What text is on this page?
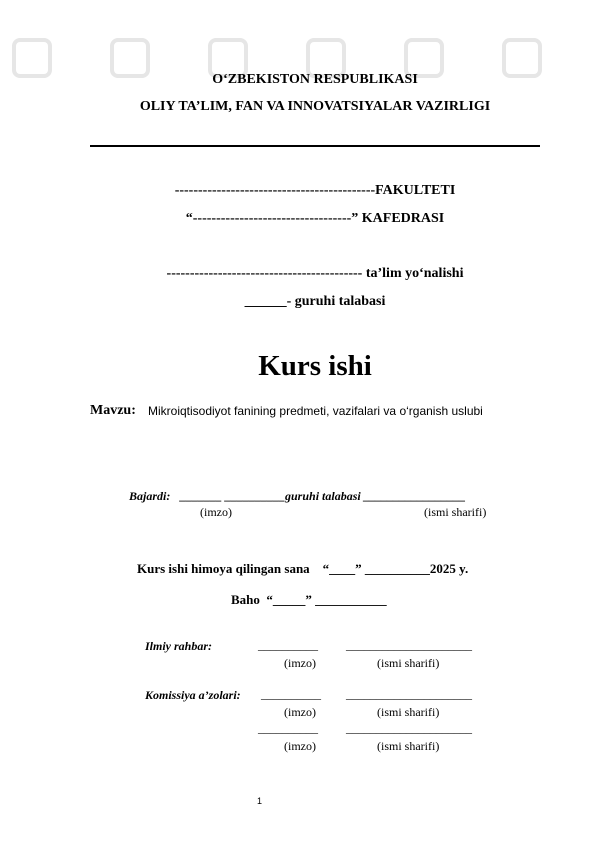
O‘ZBEKISTON RESPUBLIKASI
OLIY TA’LIM, FAN VA INNOVATSIYALAR VAZIRLIGI
-------------------------------------------FAKULTETI
“----------------------------------” KAFEDRASI
------------------------------------------ ta’lim yo‘nalishi
______- guruhi talabasi
Kurs ishi
Mavzu: Mikroiqtisodiyot fanining predmeti, vazifalari va o‘rganish uslubi
Bajardi: _______ __________guruhi talabasi _________________
(imzo)	(ismi sharifi)
Kurs ishi himoya qilingan sana    “____” __________2025 y.
Baho  “_____” ___________
Ilmiy rahbar:	__________ _____________________
(imzo)	(ismi sharifi)
Komissiya a’zolari: __________ _____________________
(imzo)	(ismi sharifi)
__________ _____________________
(imzo)	(ismi sharifi)
1
